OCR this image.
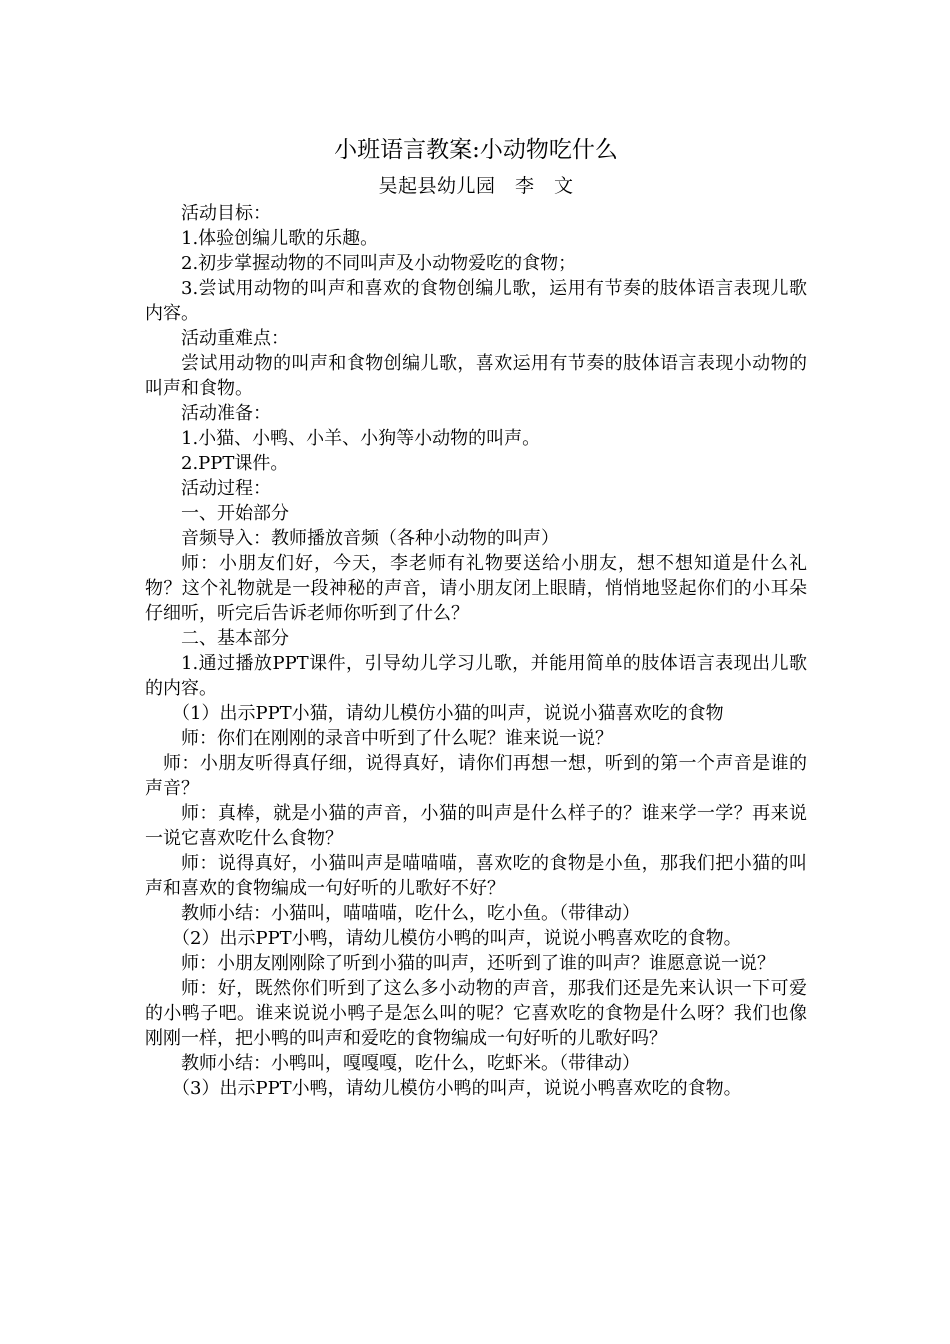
小班语言教案:小动物吃什么
吴起县幼儿园　李　文

活动目标：

1.体验创编儿歌的乐趣。

2.初步掌握动物的不同叫声及小动物爱吃的食物；

3.尝试用动物的叫声和喜欢的食物创编儿歌，运用有节奏的肢体语言表现儿歌内容。

活动重难点：

尝试用动物的叫声和食物创编儿歌，喜欢运用有节奏的肢体语言表现小动物的叫声和食物。

活动准备：

1.小猫、小鸭、小羊、小狗等小动物的叫声。

2.PPT课件。

活动过程：

一、开始部分

音频导入：教师播放音频（各种小动物的叫声）

师：小朋友们好，今天，李老师有礼物要送给小朋友，想不想知道是什么礼物？这个礼物就是一段神秘的声音，请小朋友闭上眼睛，悄悄地竖起你们的小耳朵仔细听，听完后告诉老师你听到了什么？

二、基本部分

1.通过播放PPT课件，引导幼儿学习儿歌，并能用简单的肢体语言表现出儿歌的内容。

（1）出示PPT小猫，请幼儿模仿小猫的叫声，说说小猫喜欢吃的食物

师：你们在刚刚的录音中听到了什么呢？谁来说一说？

师：小朋友听得真仔细，说得真好，请你们再想一想，听到的第一个声音是谁的声音？

师：真棒，就是小猫的声音，小猫的叫声是什么样子的？谁来学一学？再来说一说它喜欢吃什么食物？

师：说得真好，小猫叫声是喵喵喵，喜欢吃的食物是小鱼，那我们把小猫的叫声和喜欢的食物编成一句好听的儿歌好不好？

教师小结：小猫叫，喵喵喵，吃什么，吃小鱼。（带律动）

（2）出示PPT小鸭，请幼儿模仿小鸭的叫声，说说小鸭喜欢吃的食物。

师：小朋友刚刚除了听到小猫的叫声，还听到了谁的叫声？谁愿意说一说？

师：好，既然你们听到了这么多小动物的声音，那我们还是先来认识一下可爱的小鸭子吧。谁来说说小鸭子是怎么叫的呢？它喜欢吃的食物是什么呀？我们也像刚刚一样，把小鸭的叫声和爱吃的食物编成一句好听的儿歌好吗？

教师小结：小鸭叫，嘎嘎嘎，吃什么，吃虾米。（带律动）

（3）出示PPT小鸭，请幼儿模仿小鸭的叫声，说说小鸭喜欢吃的食物。
